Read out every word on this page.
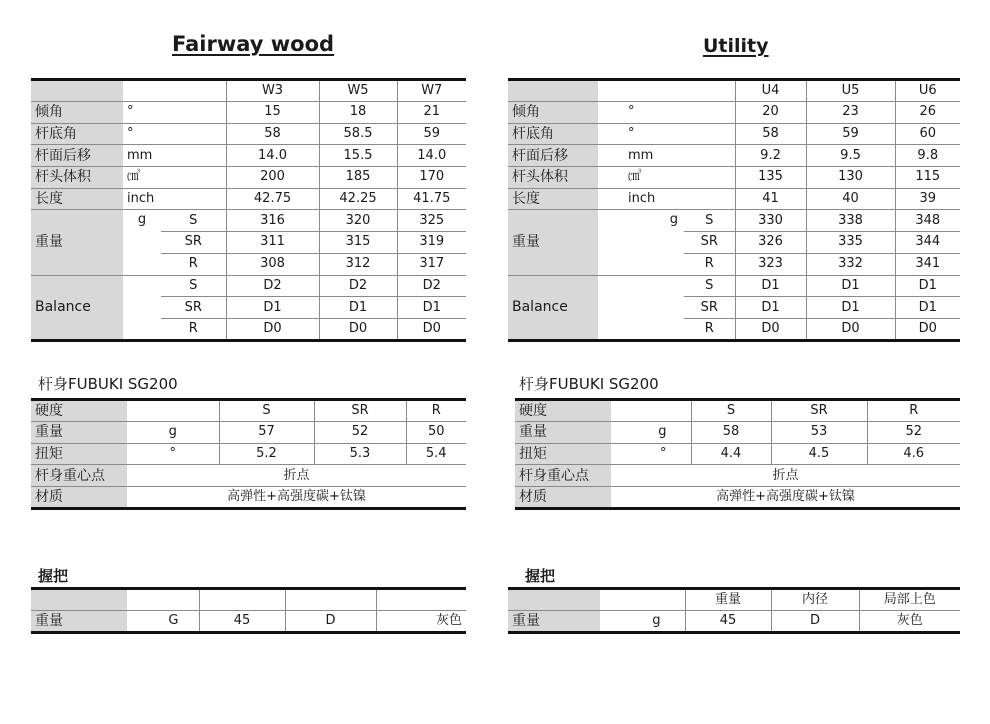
Fairway wood
			W3	W5	W7
倾角	°		15	18	21
杆底角	°		58	58.5	59
杆面后移	mm		14.0	15.5	14.0
杆头体积	㎤		200	185	170
长度	inch		42.75	42.25	41.75
重量	g	S	316	320	325
		SR	311	315	319
		R	308	312	317
Balance		S	D2	D2	D2
		SR	D1	D1	D1
		R	D0	D0	D0
杆身FUBUKI SG200
硬度		S	SR	R
重量	g	57	52	50
扭矩	°	5.2	5.3	5.4
杆身重心点	折点			
材质	高弹性+高强度碳+钛镍			
握把

重量	G	45	D	灰色
Utility
			U4	U5	U6
倾角	°		20	23	26
杆底角	°		58	59	60
杆面后移	mm		9.2	9.5	9.8
杆头体积	㎤		135	130	115
长度	inch		41	40	39
重量	g	S	330	338	348
		SR	326	335	344
		R	323	332	341
Balance		S	D1	D1	D1
		SR	D1	D1	D1
		R	D0	D0	D0
杆身FUBUKI SG200
硬度		S	SR	R
重量	g	58	53	52
扭矩	°	4.4	4.5	4.6
杆身重心点	折点			
材质	高弹性+高强度碳+钛镍			
握把
		重量	内径	局部上色
重量	g	45	D	灰色
